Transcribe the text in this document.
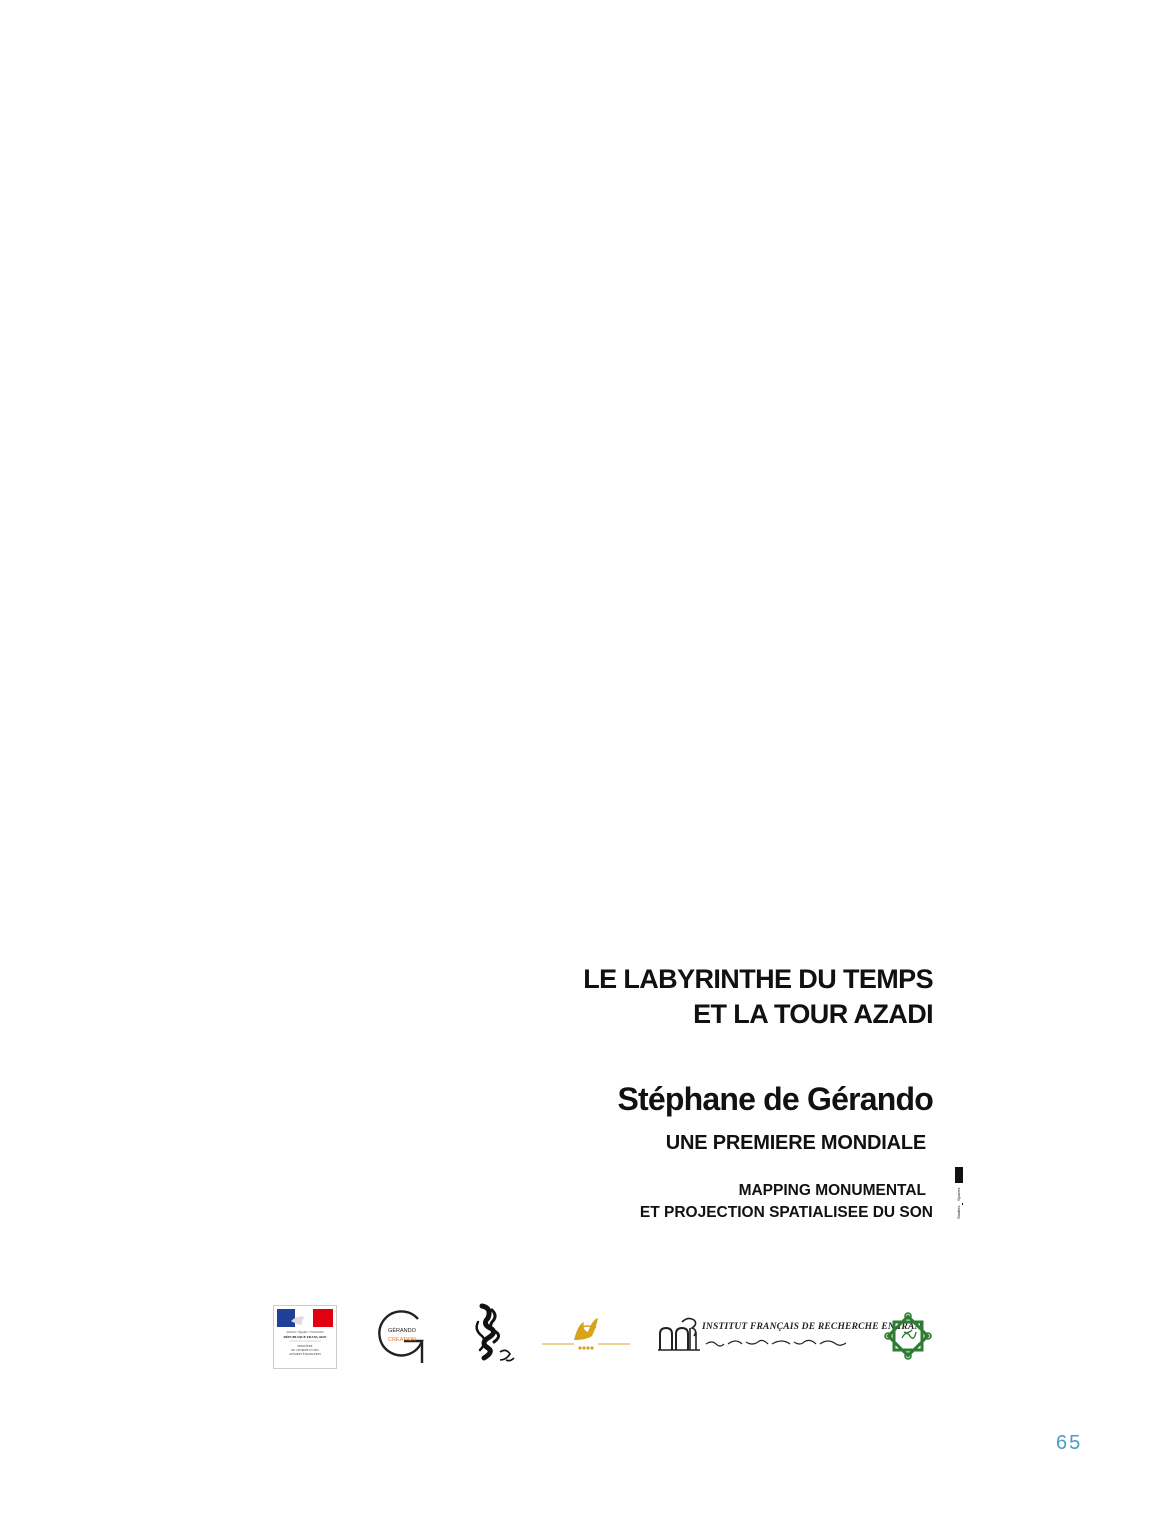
LE LABYRINTHE DU TEMPS
ET LA TOUR AZADI
Stéphane de Gérando
UNE PREMIERE MONDIALE
MAPPING MONUMENTAL
ET PROJECTION SPATIALISEE DU SON
Spaces
Studies
Liberté • Égalité • Fraternité
RÉPUBLIQUE FRANÇAISE
MINISTÈRE
DE L'EUROPE ET DES
AFFAIRES ÉTRANGÈRES
GÉRANDO
CREATION
INSTITUT FRANÇAIS DE RECHERCHE EN IRAN
65
